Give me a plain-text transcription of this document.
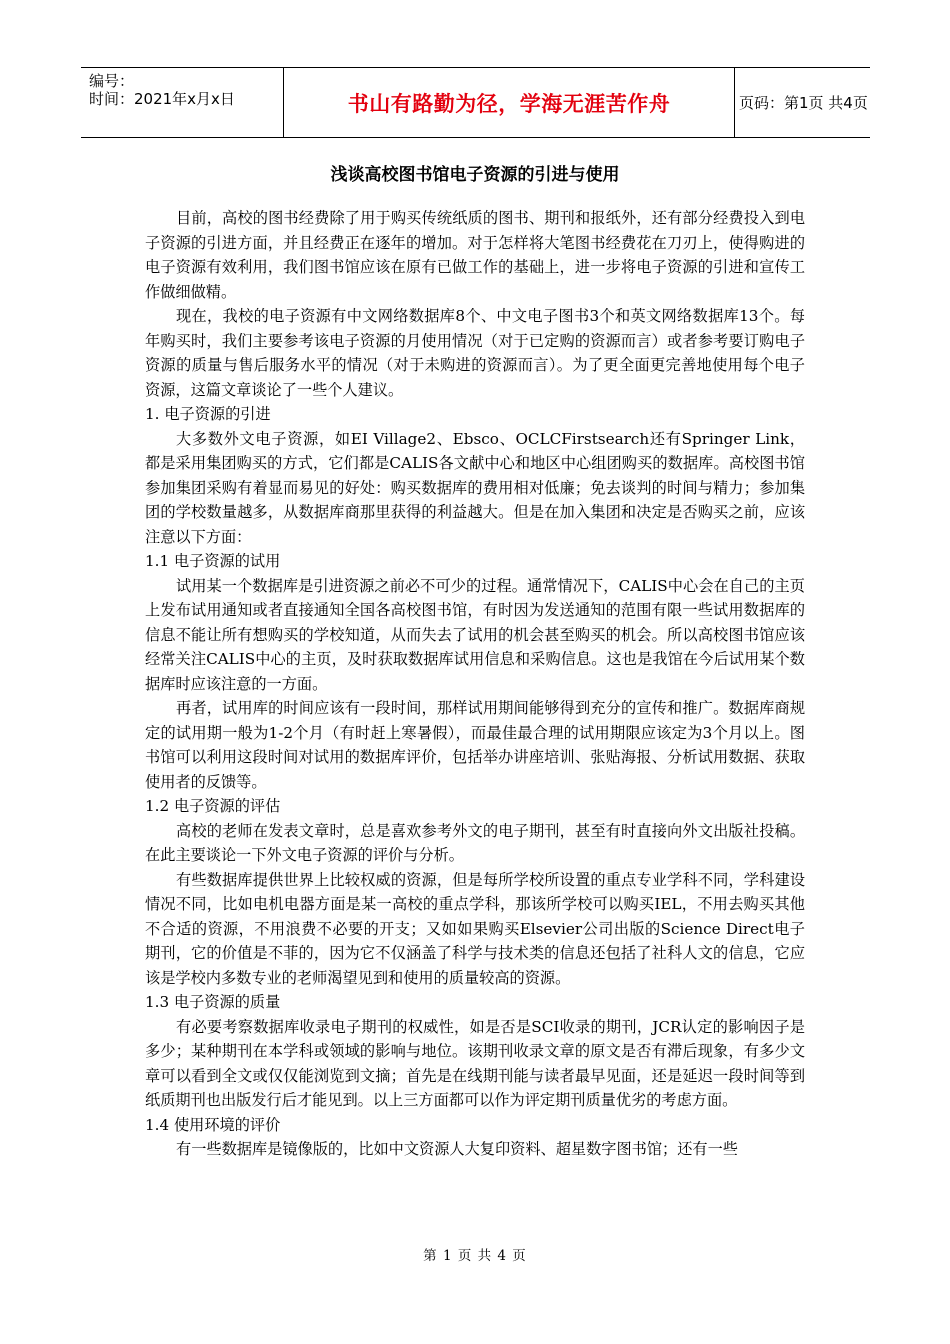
编号：
时间：2021年x月x日	书山有路勤为径，学海无涯苦作舟	页码：第1页 共4页
浅谈高校图书馆电子资源的引进与使用

目前，高校的图书经费除了用于购买传统纸质的图书、期刊和报纸外，还有部分经费投入到电子资源的引进方面，并且经费正在逐年的增加。对于怎样将大笔图书经费花在刀刃上，使得购进的电子资源有效利用，我们图书馆应该在原有已做工作的基础上，进一步将电子资源的引进和宣传工作做细做精。

现在，我校的电子资源有中文网络数据库8个、中文电子图书3个和英文网络数据库13个。每年购买时，我们主要参考该电子资源的月使用情况（对于已定购的资源而言）或者参考要订购电子资源的质量与售后服务水平的情况（对于未购进的资源而言）。为了更全面更完善地使用每个电子资源，这篇文章谈论了一些个人建议。

1. 电子资源的引进

大多数外文电子资源，如EI Village2、Ebsco、OCLCFirstsearch还有Springer Link，都是采用集团购买的方式，它们都是CALIS各文献中心和地区中心组团购买的数据库。高校图书馆参加集团采购有着显而易见的好处：购买数据库的费用相对低廉；免去谈判的时间与精力；参加集团的学校数量越多，从数据库商那里获得的利益越大。但是在加入集团和决定是否购买之前，应该注意以下方面：

1.1 电子资源的试用

试用某一个数据库是引进资源之前必不可少的过程。通常情况下，CALIS中心会在自己的主页上发布试用通知或者直接通知全国各高校图书馆，有时因为发送通知的范围有限一些试用数据库的信息不能让所有想购买的学校知道，从而失去了试用的机会甚至购买的机会。所以高校图书馆应该经常关注CALIS中心的主页，及时获取数据库试用信息和采购信息。这也是我馆在今后试用某个数据库时应该注意的一方面。

再者，试用库的时间应该有一段时间，那样试用期间能够得到充分的宣传和推广。数据库商规定的试用期一般为1-2个月（有时赶上寒暑假），而最佳最合理的试用期限应该定为3个月以上。图书馆可以利用这段时间对试用的数据库评价，包括举办讲座培训、张贴海报、分析试用数据、获取使用者的反馈等。

1.2 电子资源的评估

高校的老师在发表文章时，总是喜欢参考外文的电子期刊，甚至有时直接向外文出版社投稿。在此主要谈论一下外文电子资源的评价与分析。

有些数据库提供世界上比较权威的资源，但是每所学校所设置的重点专业学科不同，学科建设情况不同，比如电机电器方面是某一高校的重点学科，那该所学校可以购买IEL，不用去购买其他不合适的资源，不用浪费不必要的开支；又如如果购买Elsevier公司出版的Science Direct电子期刊，它的价值是不菲的，因为它不仅涵盖了科学与技术类的信息还包括了社科人文的信息，它应该是学校内多数专业的老师渴望见到和使用的质量较高的资源。

1.3 电子资源的质量

有必要考察数据库收录电子期刊的权威性，如是否是SCI收录的期刊，JCR认定的影响因子是多少；某种期刊在本学科或领域的影响与地位。该期刊收录文章的原文是否有滞后现象，有多少文章可以看到全文或仅仅能浏览到文摘；首先是在线期刊能与读者最早见面，还是延迟一段时间等到纸质期刊也出版发行后才能见到。以上三方面都可以作为评定期刊质量优劣的考虑方面。

1.4 使用环境的评价

有一些数据库是镜像版的，比如中文资源人大复印资料、超星数字图书馆；还有一些

第 1 页 共 4 页
